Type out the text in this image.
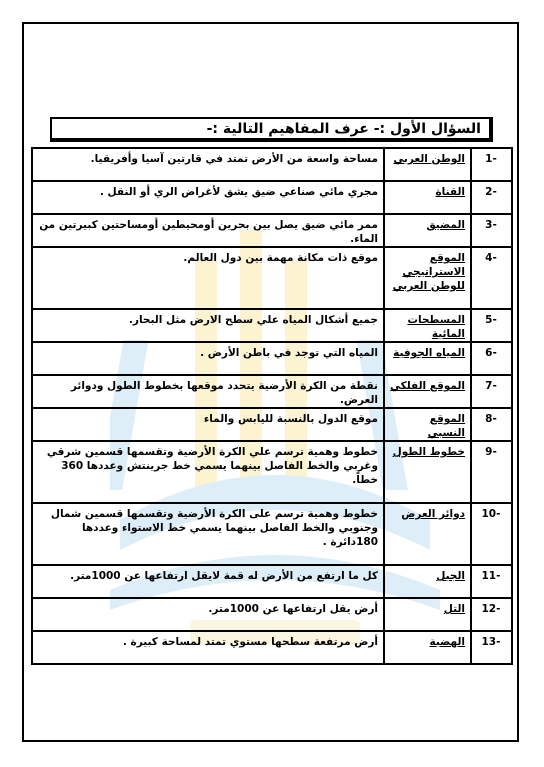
السؤال الأول :- عرف المفاهيم التالية :-
-1	الوطن العربي	مساحة واسعة من الأرض تمتد في قارتين آسيا وأفريقيا.
-2	القناة	مجري مائي صناعي ضيق يشق لأغراض الري أو النقل .
-3	المضيق	ممر مائي ضيق يصل بين بحرين أومحيطين أومساحتين كبيرتين من الماء.
-4	الموقع الاستراتيجي للوطن العربي	موقع ذات مكانة مهمة بين دول العالم.
-5	المسطحات المائية	جميع أشكال المياه علي سطح الارض مثل البحار.
-6	المياه الجوفية	المياه التي توجد في باطن الأرض .
-7	الموقع الفلكي	نقطة من الكرة الأرضية يتحدد موقعها بخطوط الطول ودوائر العرض.
-8	الموقع النسبي	موقع الدول بالنسبة لليابس والماء
-9	خطوط الطول	خطوط وهمية ترسم علي الكرة الأرضية وتقسمها قسمين شرقي وغربي والخط الفاصل بينهما يسمي خط جرينتش وعددها 360 خطاً.
-10	دوائر العرض	خطوط وهمية ترسم على الكرة الأرضية وتقسمها قسمين شمال وجنوبي والخط الفاصل بينهما يسمي خط الاستواء وعددها 180دائرة .
-11	الجبل	كل ما ارتفع من الأرض له قمة لايقل ارتفاعها عن 1000متر.
-12	التل	أرض يقل ارتفاعها عن 1000متر.
-13	الهضبة	أرض مرتفعة سطحها مستوي تمتد لمساحة كبيرة .
